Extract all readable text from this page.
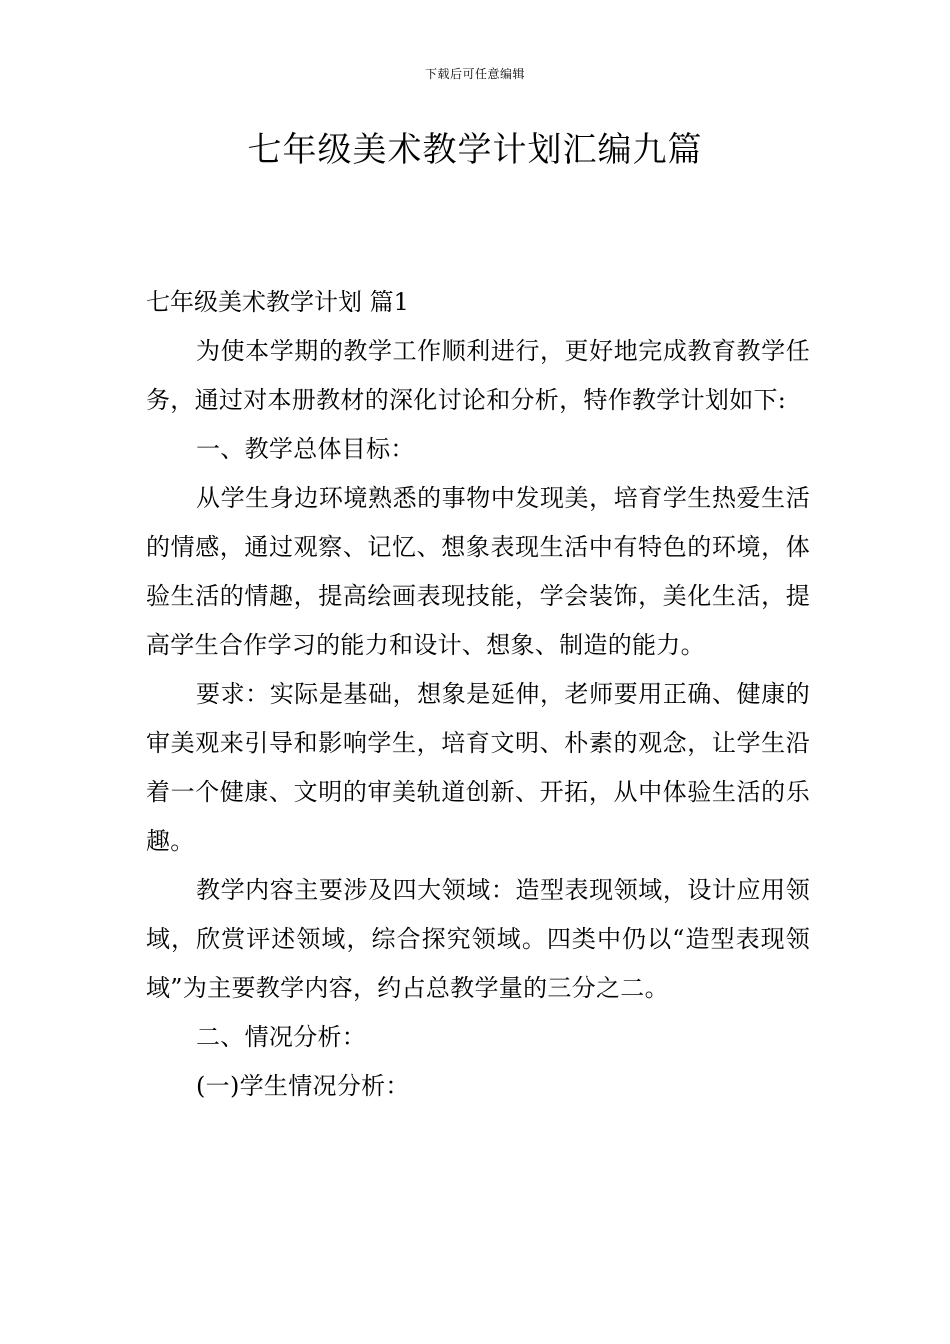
下载后可任意编辑
七年级美术教学计划汇编九篇

七年级美术教学计划 篇1

为使本学期的教学工作顺利进行，更好地完成教育教学任务，通过对本册教材的深化讨论和分析，特作教学计划如下:

一、教学总体目标：

从学生身边环境熟悉的事物中发现美，培育学生热爱生活的情感，通过观察、记忆、想象表现生活中有特色的环境，体验生活的情趣，提高绘画表现技能，学会装饰，美化生活，提高学生合作学习的能力和设计、想象、制造的能力。

要求：实际是基础，想象是延伸，老师要用正确、健康的审美观来引导和影响学生，培育文明、朴素的观念，让学生沿着一个健康、文明的审美轨道创新、开拓，从中体验生活的乐趣。

教学内容主要涉及四大领域：造型表现领域，设计应用领域，欣赏评述领域，综合探究领域。四类中仍以“造型表现领域”为主要教学内容，约占总教学量的三分之二。

二、情况分析：

(一)学生情况分析：
